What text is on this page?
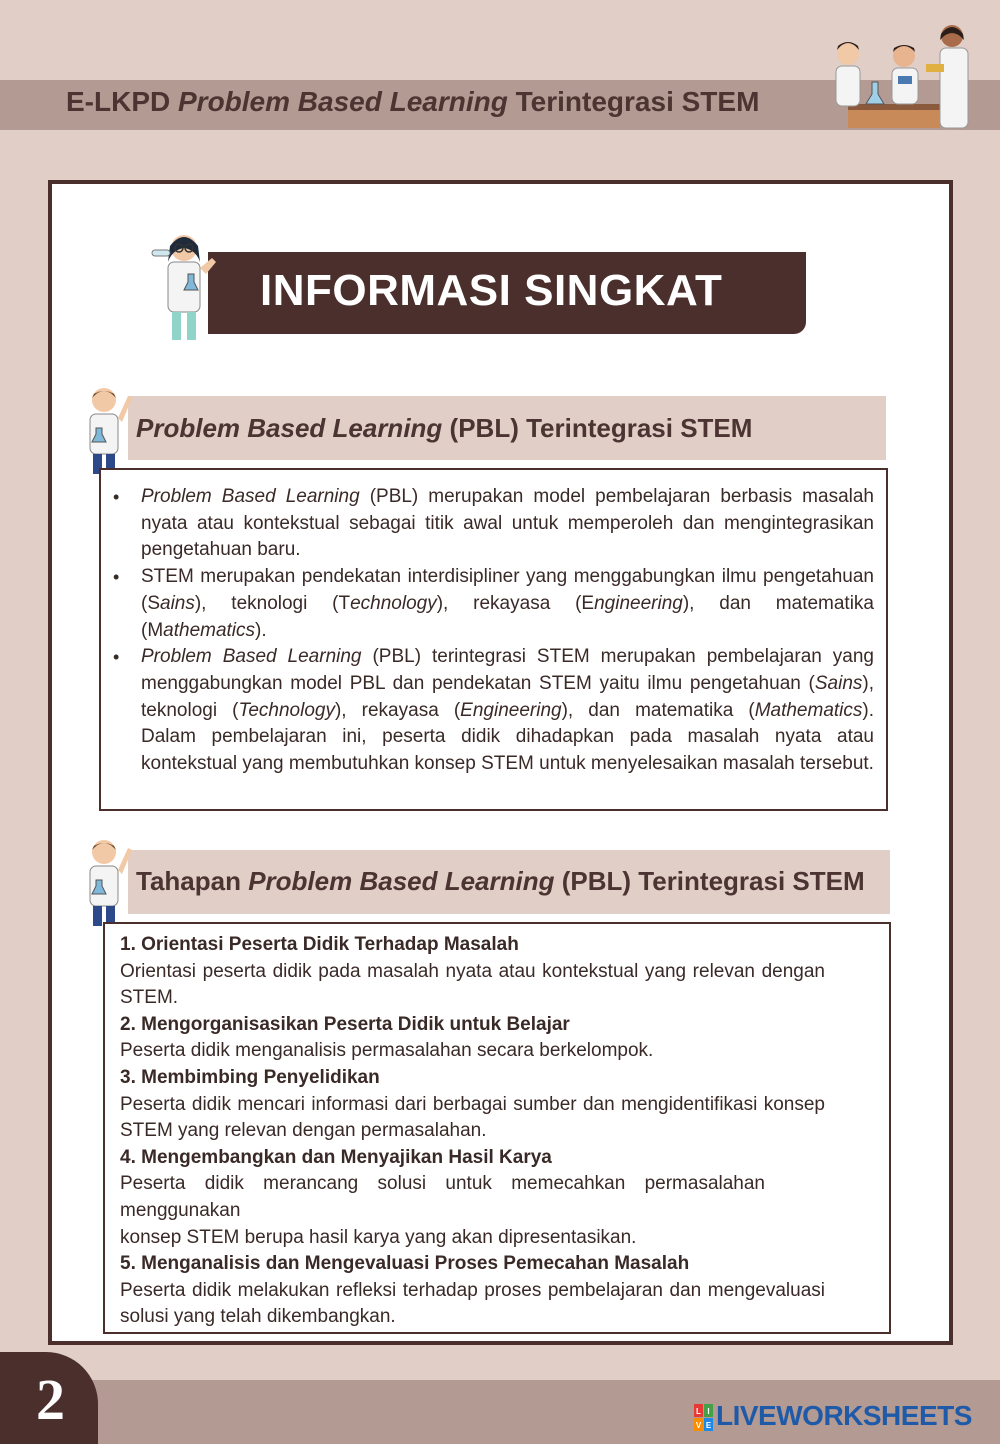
E-LKPD Problem Based Learning Terintegrasi STEM
INFORMASI SINGKAT
Problem Based Learning (PBL) Terintegrasi STEM
• Problem Based Learning (PBL) merupakan model pembelajaran berbasis masalah nyata atau kontekstual sebagai titik awal untuk memperoleh dan mengintegrasikan pengetahuan baru.
• STEM merupakan pendekatan interdisipliner yang menggabungkan ilmu pengetahuan (Sains), teknologi (Technology), rekayasa (Engineering), dan matematika (Mathematics).
• Problem Based Learning (PBL) terintegrasi STEM merupakan pembelajaran yang menggabungkan model PBL dan pendekatan STEM yaitu ilmu pengetahuan (Sains), teknologi (Technology), rekayasa (Engineering), dan matematika (Mathematics). Dalam pembelajaran ini, peserta didik dihadapkan pada masalah nyata atau kontekstual yang membutuhkan konsep STEM untuk menyelesaikan masalah tersebut.
Tahapan Problem Based Learning (PBL) Terintegrasi STEM
1. Orientasi Peserta Didik Terhadap Masalah
Orientasi peserta didik pada masalah nyata atau kontekstual yang relevan dengan STEM.
2. Mengorganisasikan Peserta Didik untuk Belajar
Peserta didik menganalisis permasalahan secara berkelompok.
3. Membimbing Penyelidikan
Peserta didik mencari informasi dari berbagai sumber dan mengidentifikasi konsep STEM yang relevan dengan permasalahan.
4. Mengembangkan dan Menyajikan Hasil Karya
Peserta didik merancang solusi untuk memecahkan permasalahan menggunakan
konsep STEM berupa hasil karya yang akan dipresentasikan.
5. Menganalisis dan Mengevaluasi Proses Pemecahan Masalah
Peserta didik melakukan refleksi terhadap proses pembelajaran dan mengevaluasi solusi yang telah dikembangkan.
2	L I
V E LIVEWORKSHEETS
